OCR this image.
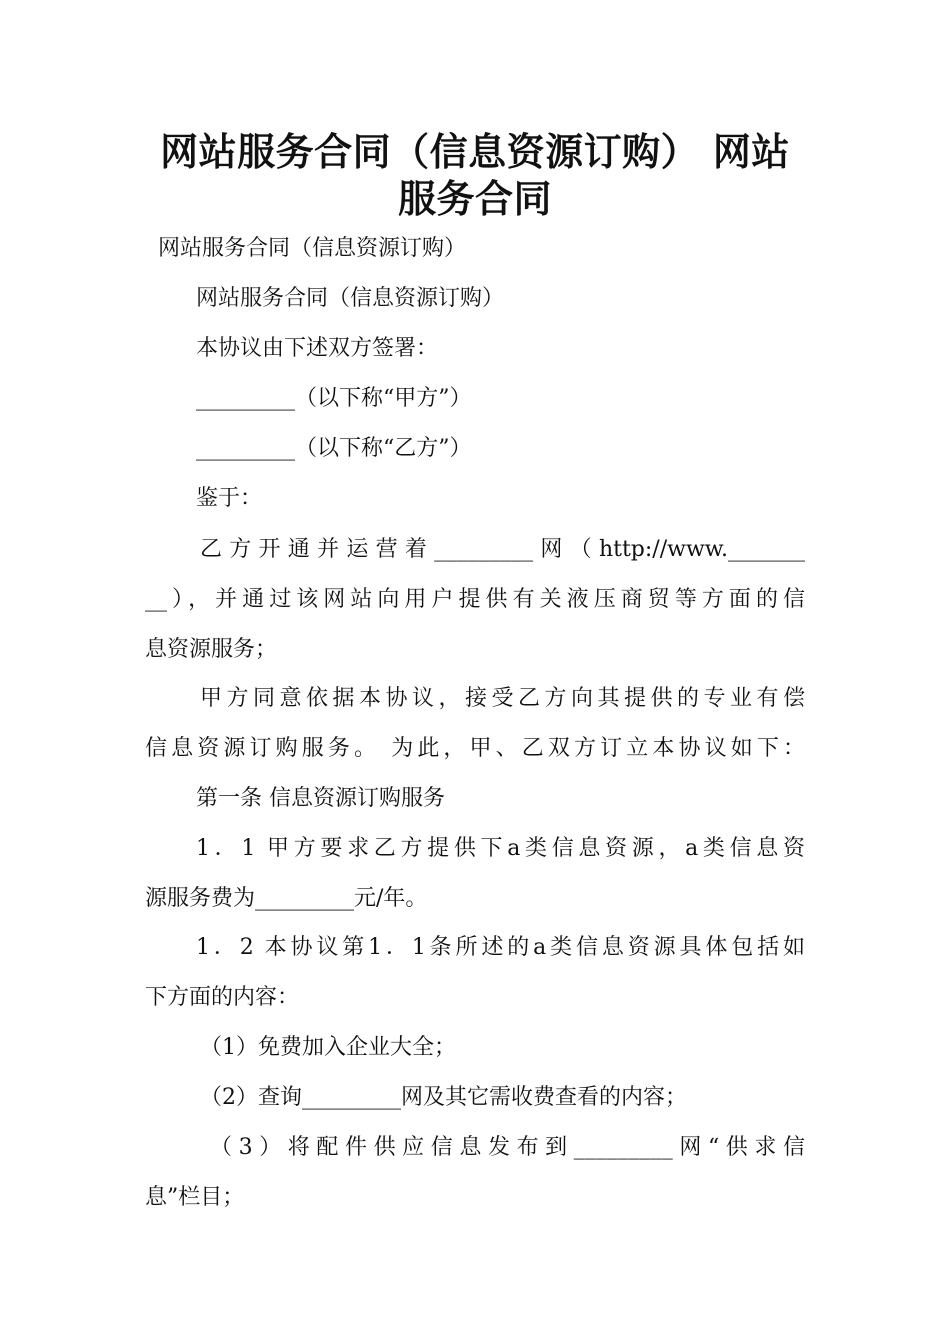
网站服务合同（信息资源订购） 网站
服务合同

网站服务合同（信息资源订购）

网站服务合同（信息资源订购）

本协议由下述双方签署：

_________（以下称“甲方”）

_________（以下称“乙方”）

鉴于：

乙方开通并运营着_________网（http://www._______

__），并通过该网站向用户提供有关液压商贸等方面的信

息资源服务；

甲方同意依据本协议，接受乙方向其提供的专业有偿

信息资源订购服务。 为此，甲、乙双方订立本协议如下：

第一条 信息资源订购服务

1．1 甲方要求乙方提供下a类信息资源，a类信息资

源服务费为_________元/年。

1．2 本协议第1．1条所述的a类信息资源具体包括如

下方面的内容：

（1）免费加入企业大全；

（2）查询_________网及其它需收费查看的内容；

（3）将配件供应信息发布到_________网“供求信

息”栏目；
